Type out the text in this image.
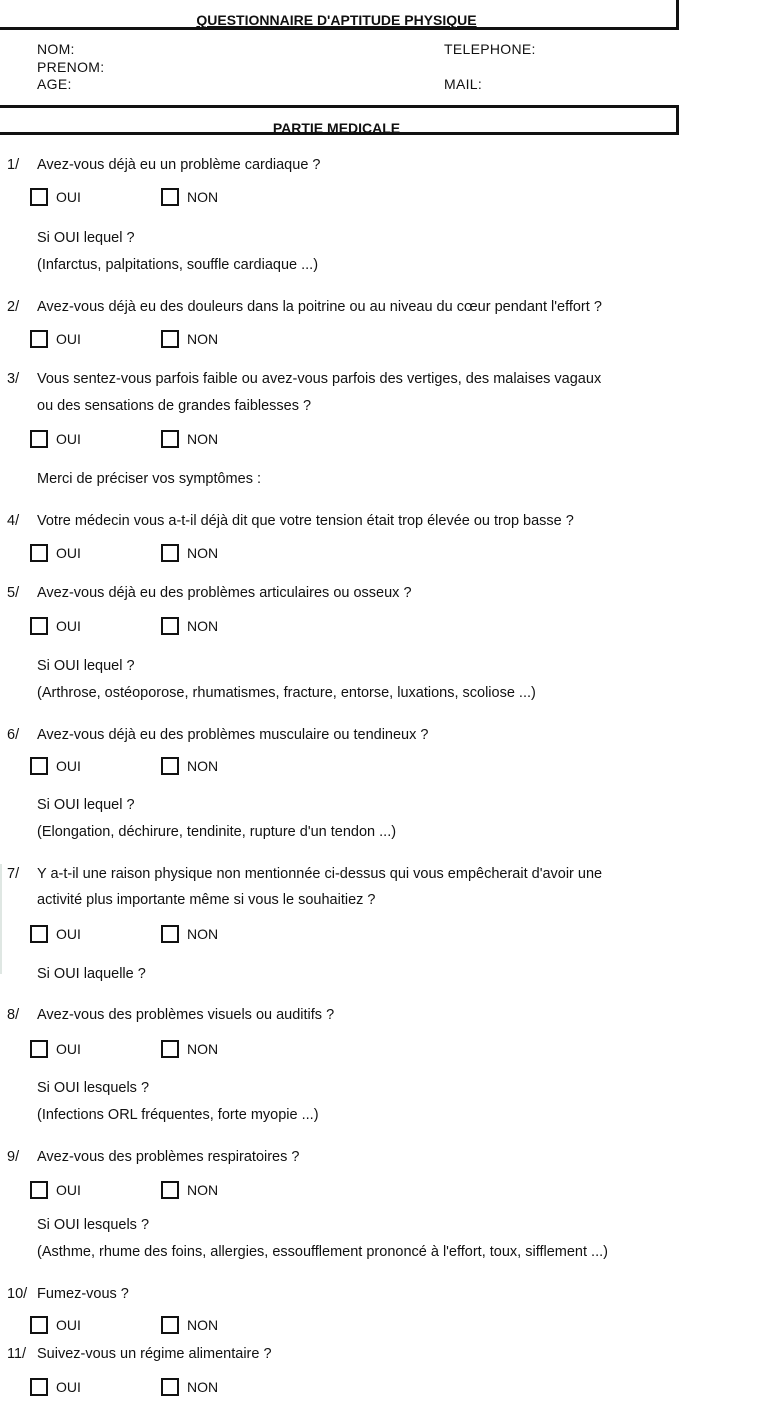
QUESTIONNAIRE D'APTITUDE PHYSIQUE
NOM:
PRENOM:
AGE:
TELEPHONE:
MAIL:
PARTIE MEDICALE
1/ Avez-vous déjà eu un problème cardiaque ?
OUI	NON
Si OUI lequel ?
(Infarctus, palpitations, souffle cardiaque ...)
2/ Avez-vous déjà eu des douleurs dans la poitrine ou au niveau du cœur pendant l'effort ?
OUI	NON
3/ Vous sentez-vous parfois faible ou avez-vous parfois des vertiges, des malaises vagaux
ou des sensations de grandes faiblesses ?
OUI	NON
Merci de préciser vos symptômes :
4/ Votre médecin vous a-t-il déjà dit que votre tension était trop élevée ou trop basse ?
OUI	NON
5/ Avez-vous déjà eu des problèmes articulaires ou osseux ?
OUI	NON
Si OUI lequel ?
(Arthrose, ostéoporose, rhumatismes, fracture, entorse, luxations, scoliose ...)
6/ Avez-vous déjà eu des problèmes musculaire ou tendineux ?
OUI	NON
Si OUI lequel ?
(Elongation, déchirure, tendinite, rupture d'un tendon ...)
7/ Y a-t-il une raison physique non mentionnée ci-dessus qui vous empêcherait d'avoir une
activité plus importante même si vous le souhaitiez ?
OUI	NON
Si OUI laquelle ?
8/ Avez-vous des problèmes visuels ou auditifs ?
OUI	NON
Si OUI lesquels ?
(Infections ORL fréquentes, forte myopie ...)
9/ Avez-vous des problèmes respiratoires ?
OUI	NON
Si OUI lesquels ?
(Asthme, rhume des foins, allergies, essoufflement prononcé à l'effort, toux, sifflement ...)
10/ Fumez-vous ?
OUI	NON
11/ Suivez-vous un régime alimentaire ?
OUI	NON
